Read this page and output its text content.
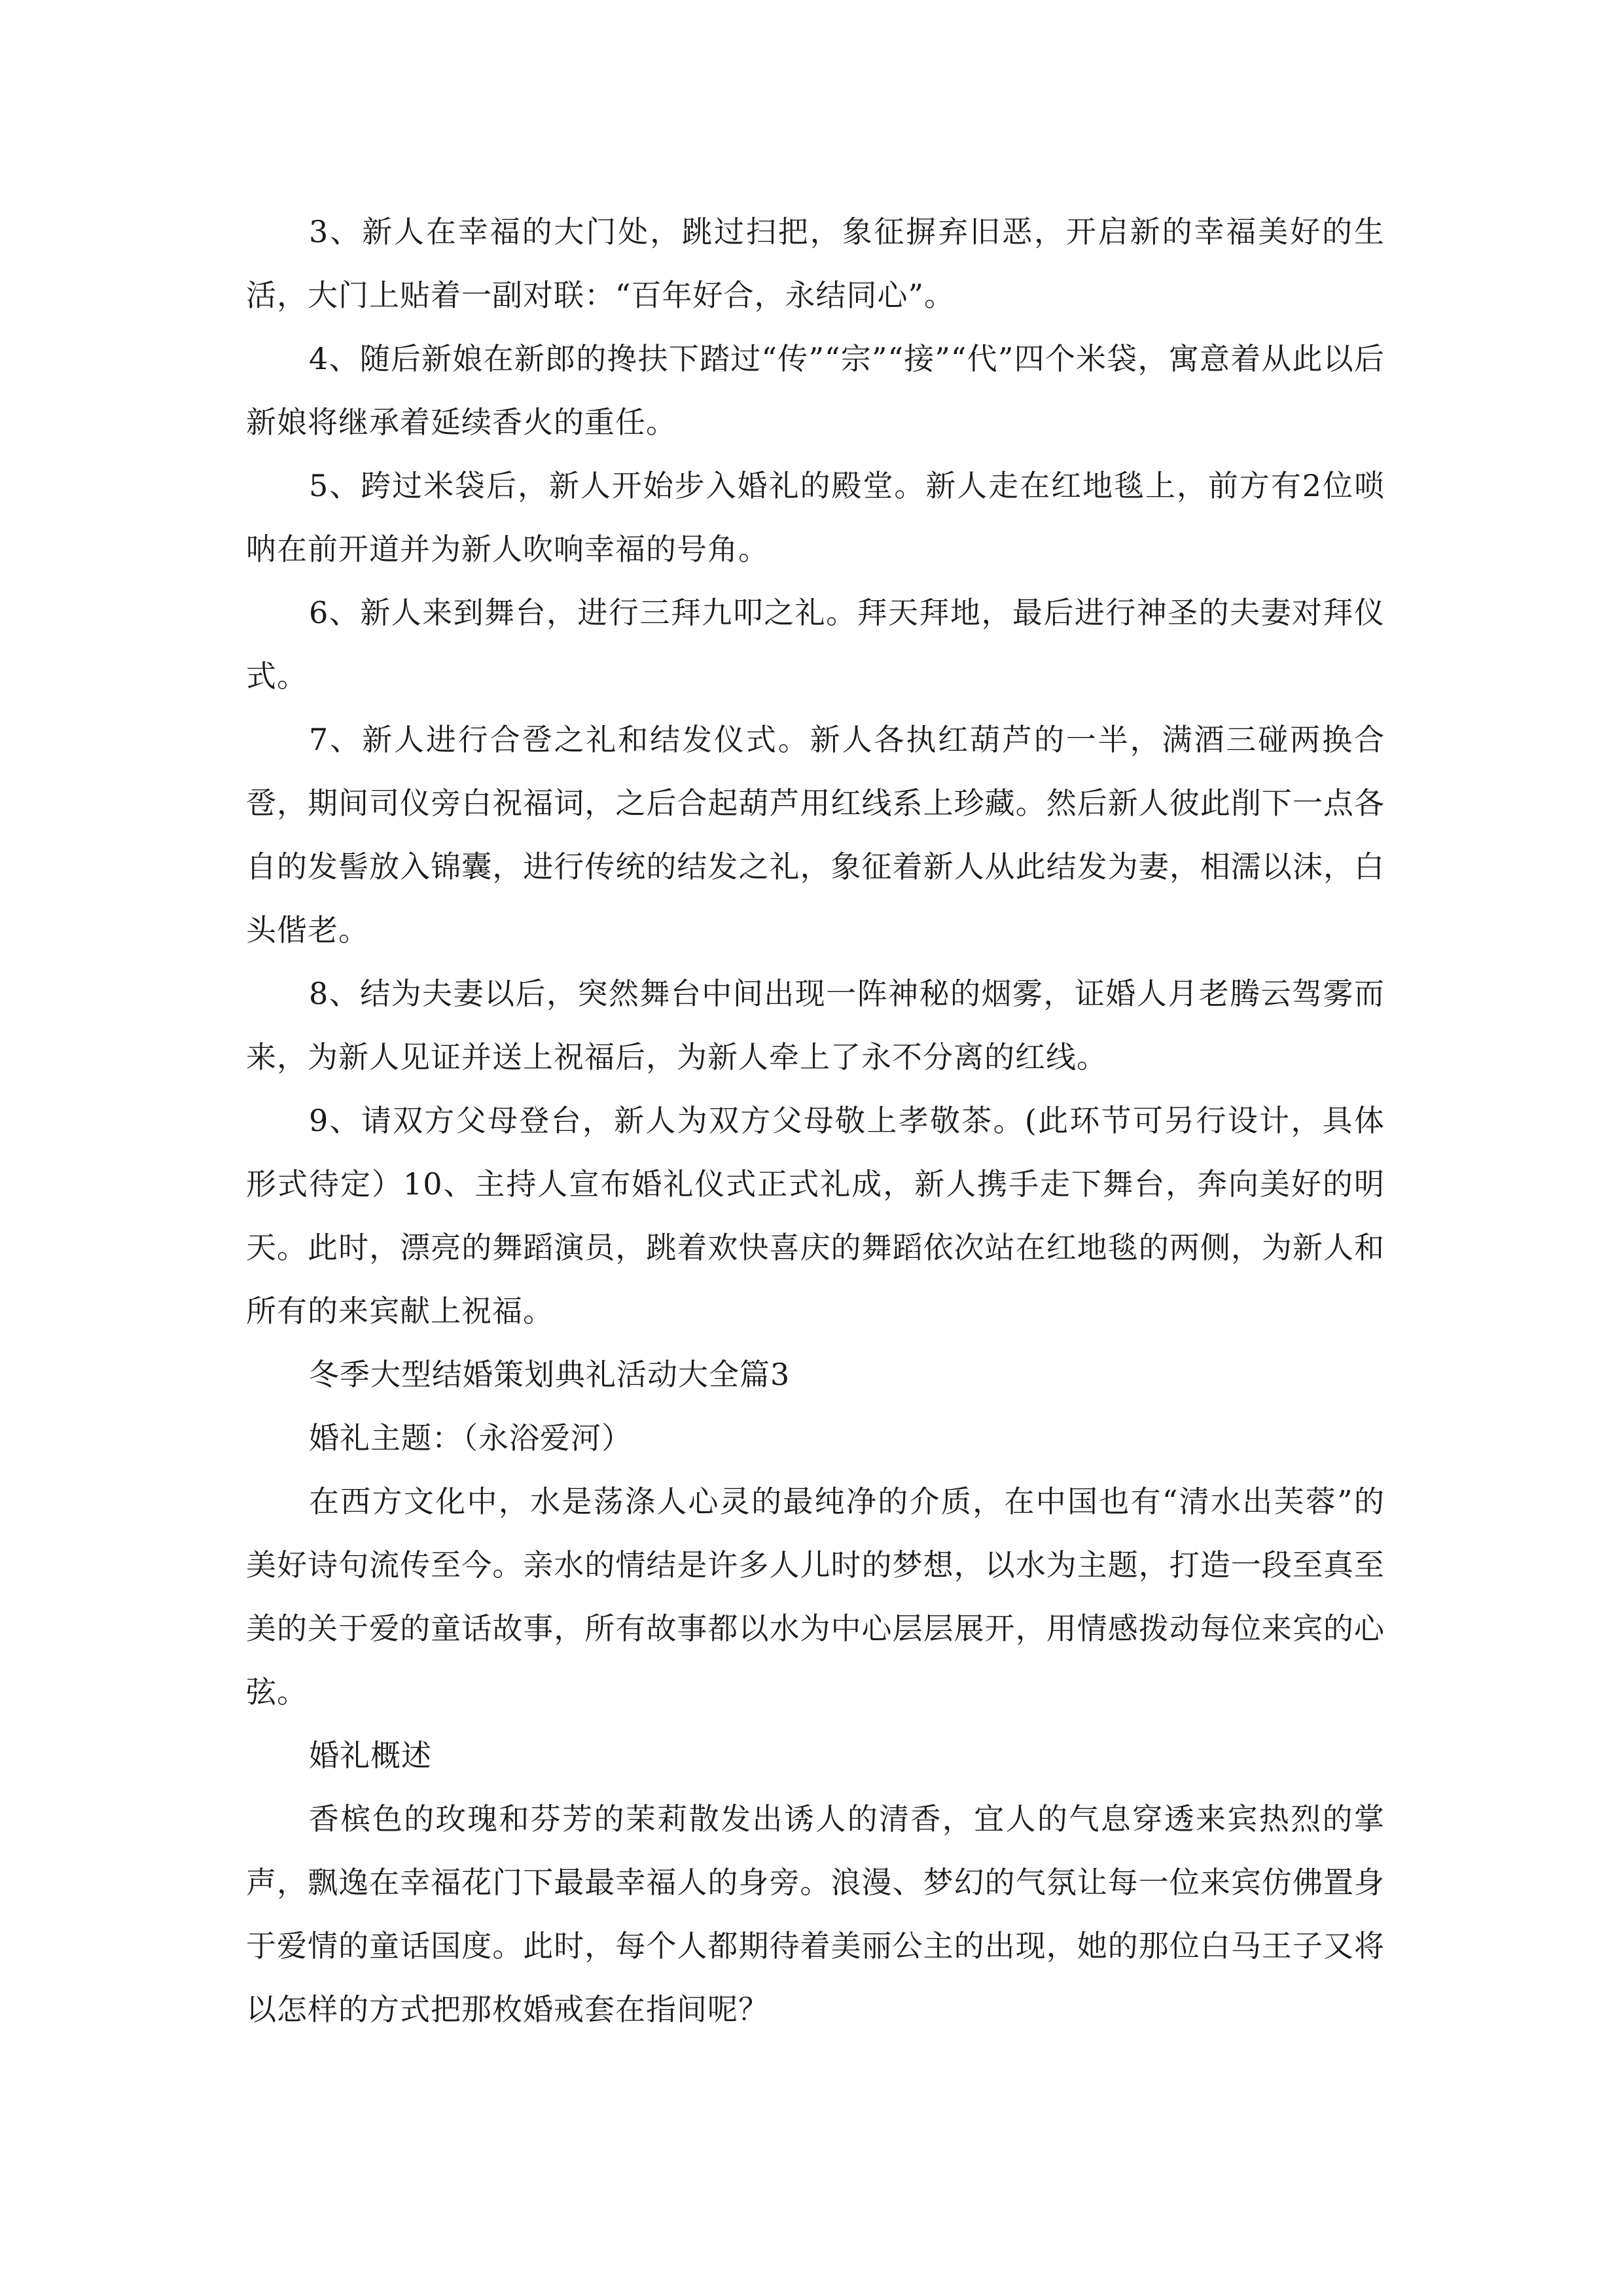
3、新人在幸福的大门处，跳过扫把，象征摒弃旧恶，开启新的幸福美好的生活，大门上贴着一副对联：“百年好合，永结同心”。

4、随后新娘在新郎的搀扶下踏过“传”“宗”“接”“代”四个米袋，寓意着从此以后新娘将继承着延续香火的重任。

5、跨过米袋后，新人开始步入婚礼的殿堂。新人走在红地毯上，前方有2位唢呐在前开道并为新人吹响幸福的号角。

6、新人来到舞台，进行三拜九叩之礼。拜天拜地，最后进行神圣的夫妻对拜仪式。

7、新人进行合卺之礼和结发仪式。新人各执红葫芦的一半，满酒三碰两换合卺，期间司仪旁白祝福词，之后合起葫芦用红线系上珍藏。然后新人彼此削下一点各自的发髻放入锦囊，进行传统的结发之礼，象征着新人从此结发为妻，相濡以沫，白头偕老。

8、结为夫妻以后，突然舞台中间出现一阵神秘的烟雾，证婚人月老腾云驾雾而来，为新人见证并送上祝福后，为新人牵上了永不分离的红线。

9、请双方父母登台，新人为双方父母敬上孝敬茶。(此环节可另行设计，具体形式待定）10、主持人宣布婚礼仪式正式礼成，新人携手走下舞台，奔向美好的明天。此时，漂亮的舞蹈演员，跳着欢快喜庆的舞蹈依次站在红地毯的两侧，为新人和所有的来宾献上祝福。

冬季大型结婚策划典礼活动大全篇3

婚礼主题：（永浴爱河）

在西方文化中，水是荡涤人心灵的最纯净的介质，在中国也有“清水出芙蓉”的美好诗句流传至今。亲水的情结是许多人儿时的梦想，以水为主题，打造一段至真至美的关于爱的童话故事，所有故事都以水为中心层层展开，用情感拨动每位来宾的心弦。

婚礼概述

香槟色的玫瑰和芬芳的茉莉散发出诱人的清香，宜人的气息穿透来宾热烈的掌声，飘逸在幸福花门下最最幸福人的身旁。浪漫、梦幻的气氛让每一位来宾仿佛置身于爱情的童话国度。此时，每个人都期待着美丽公主的出现，她的那位白马王子又将以怎样的方式把那枚婚戒套在指间呢？
